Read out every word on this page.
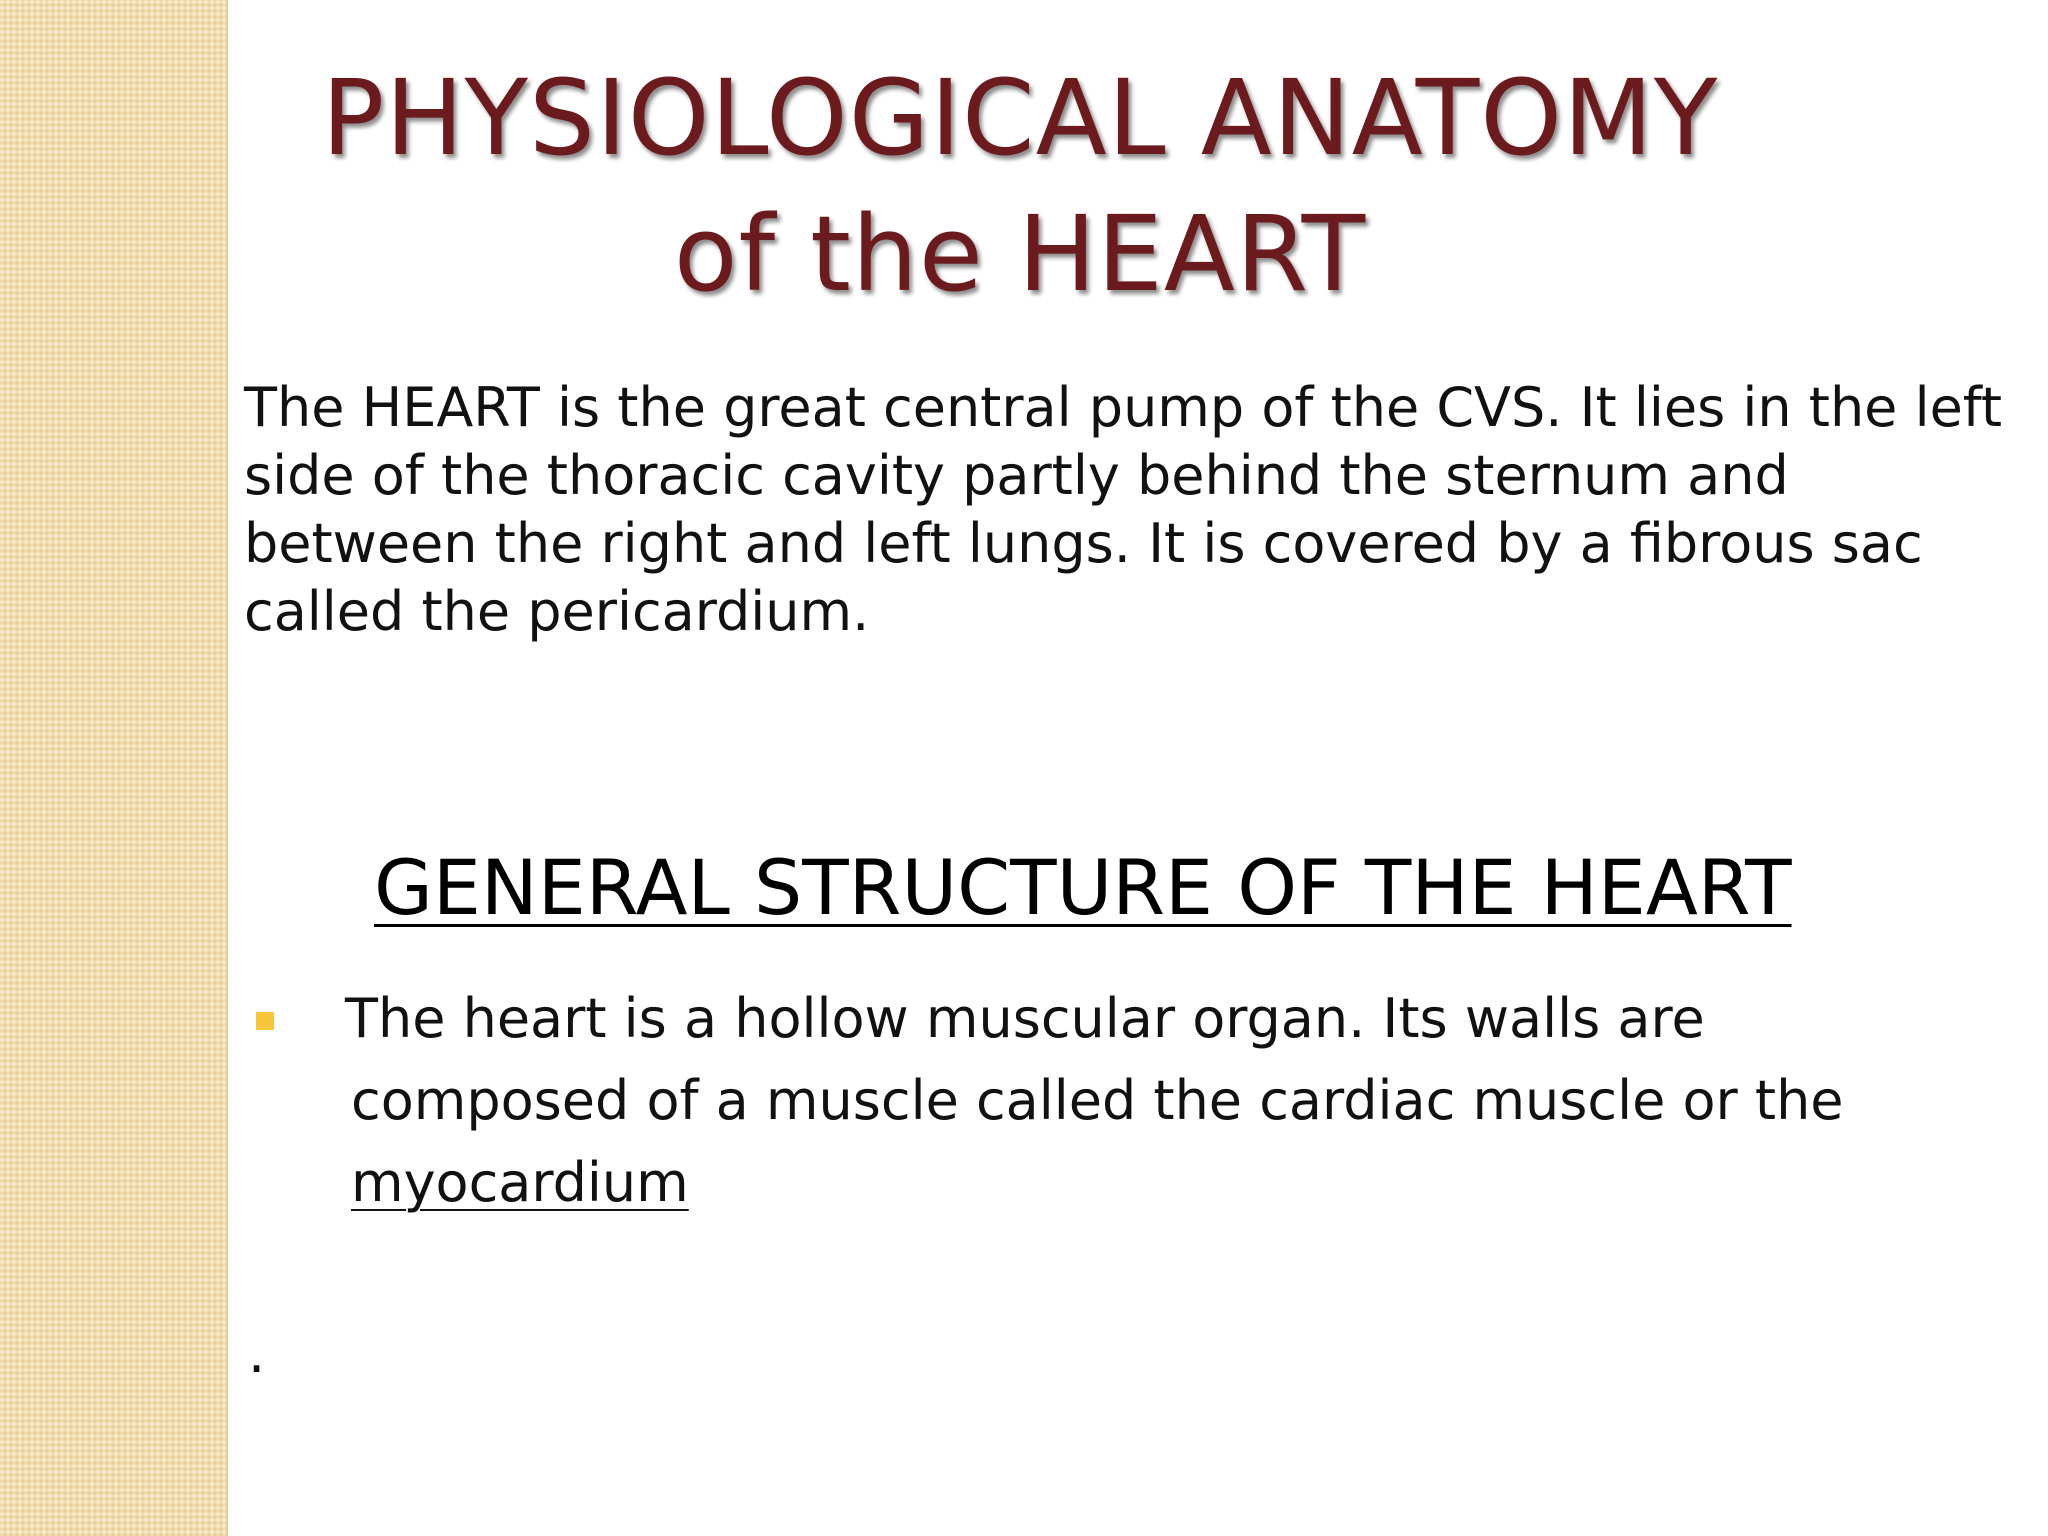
PHYSIOLOGICAL ANATOMY
of the HEART

The HEART is the great central pump of the CVS. It lies in the left side of the thoracic cavity partly behind the sternum and between the right and left lungs. It is covered by a fibrous sac called the pericardium.

GENERAL STRUCTURE OF THE HEART
The heart is a hollow muscular organ. Its walls are
composed of a muscle called the cardiac muscle or the
myocardium
.
